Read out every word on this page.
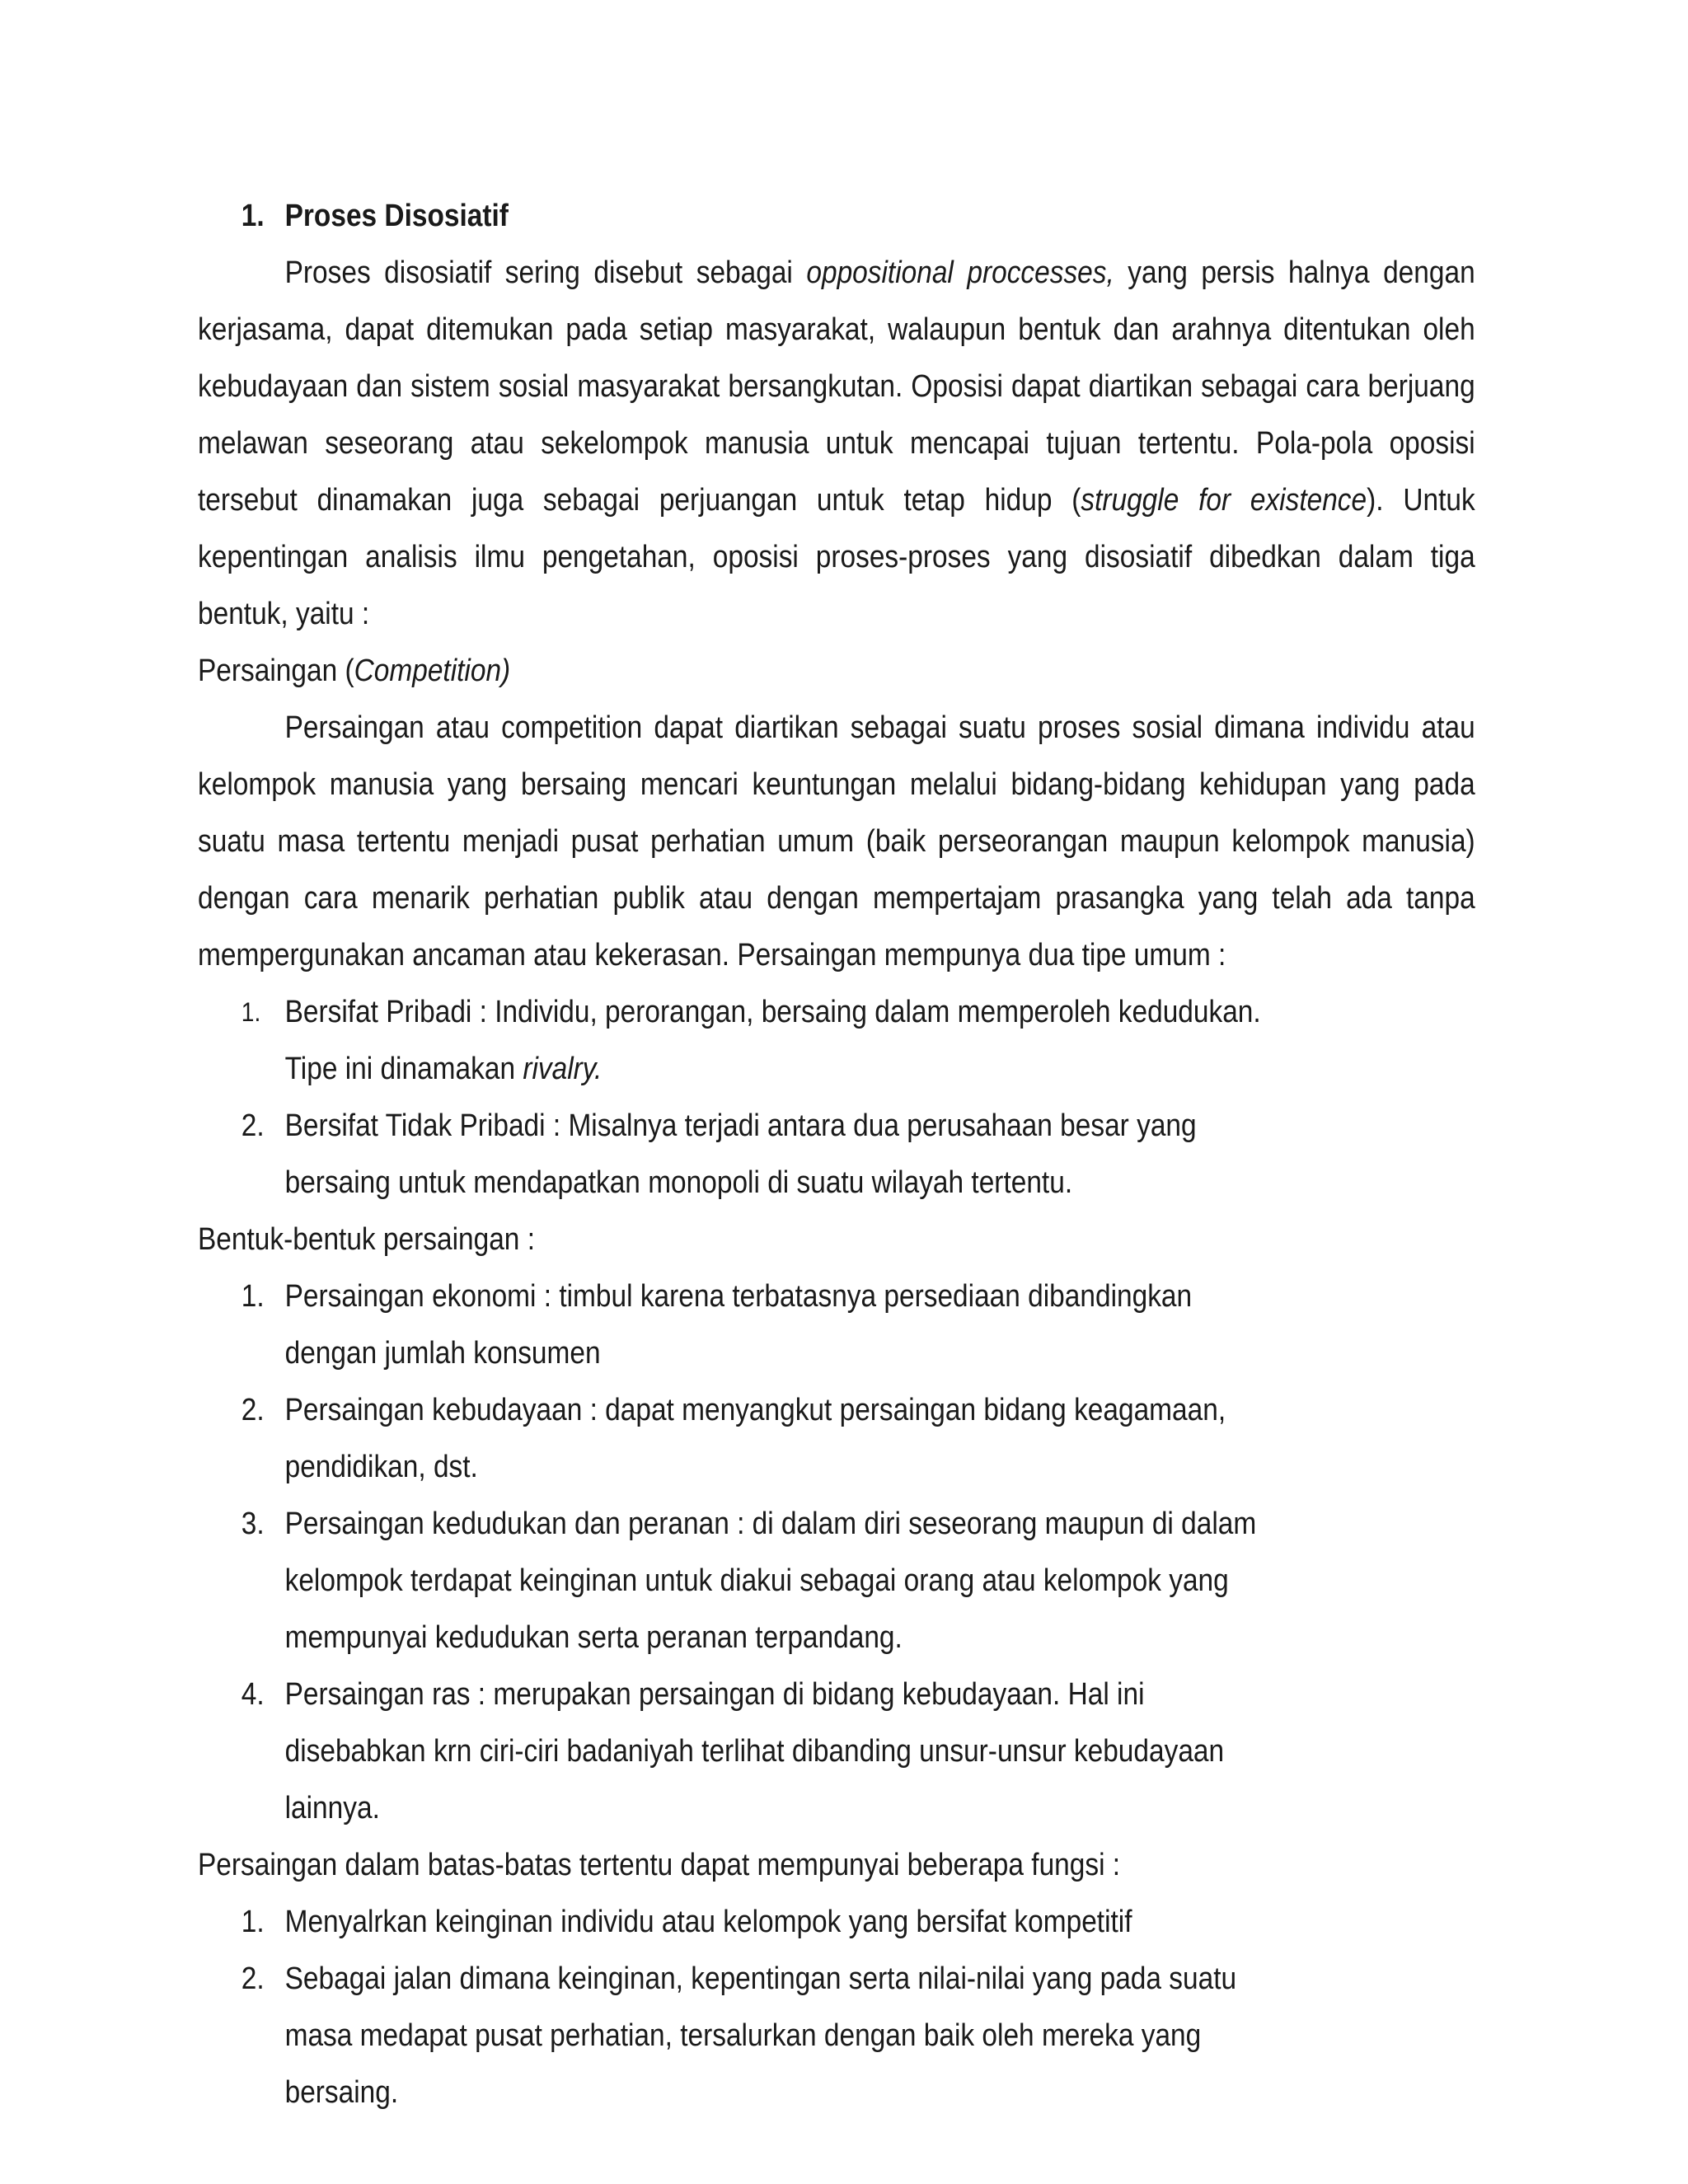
1. Proses Disosiatif

Proses disosiatif sering disebut sebagai oppositional proccesses, yang persis halnya dengan kerjasama, dapat ditemukan pada setiap masyarakat, walaupun bentuk dan arahnya ditentukan oleh kebudayaan dan sistem sosial masyarakat bersangkutan. Oposisi dapat diartikan sebagai cara berjuang melawan seseorang atau sekelompok manusia untuk mencapai tujuan tertentu. Pola-pola oposisi tersebut dinamakan juga sebagai perjuangan untuk tetap hidup (struggle for existence). Untuk kepentingan analisis ilmu pengetahan, oposisi proses-proses yang disosiatif dibedkan dalam tiga bentuk, yaitu :

Persaingan (Competition)

Persaingan atau competition dapat diartikan sebagai suatu proses sosial dimana individu atau kelompok manusia yang bersaing mencari keuntungan melalui bidang-bidang kehidupan yang pada suatu masa tertentu menjadi pusat perhatian umum (baik perseorangan maupun kelompok manusia) dengan cara menarik perhatian publik atau dengan mempertajam prasangka yang telah ada tanpa mempergunakan ancaman atau kekerasan. Persaingan mempunya dua tipe umum :

1. Bersifat Pribadi : Individu, perorangan, bersaing dalam memperoleh kedudukan. Tipe ini dinamakan rivalry.
2. Bersifat Tidak Pribadi : Misalnya terjadi antara dua perusahaan besar yang bersaing untuk mendapatkan monopoli di suatu wilayah tertentu.

Bentuk-bentuk persaingan :

1. Persaingan ekonomi : timbul karena terbatasnya persediaan dibandingkan dengan jumlah konsumen
2. Persaingan kebudayaan : dapat menyangkut persaingan bidang keagamaan, pendidikan, dst.
3. Persaingan kedudukan dan peranan : di dalam diri seseorang maupun di dalam kelompok terdapat keinginan untuk diakui sebagai orang atau kelompok yang mempunyai kedudukan serta peranan terpandang.
4. Persaingan ras : merupakan persaingan di bidang kebudayaan. Hal ini disebabkan krn ciri-ciri badaniyah terlihat dibanding unsur-unsur kebudayaan lainnya.

Persaingan dalam batas-batas tertentu dapat mempunyai beberapa fungsi :

1. Menyalrkan keinginan individu atau kelompok yang bersifat kompetitif
2. Sebagai jalan dimana keinginan, kepentingan serta nilai-nilai yang pada suatu masa medapat pusat perhatian, tersalurkan dengan baik oleh mereka yang bersaing.
